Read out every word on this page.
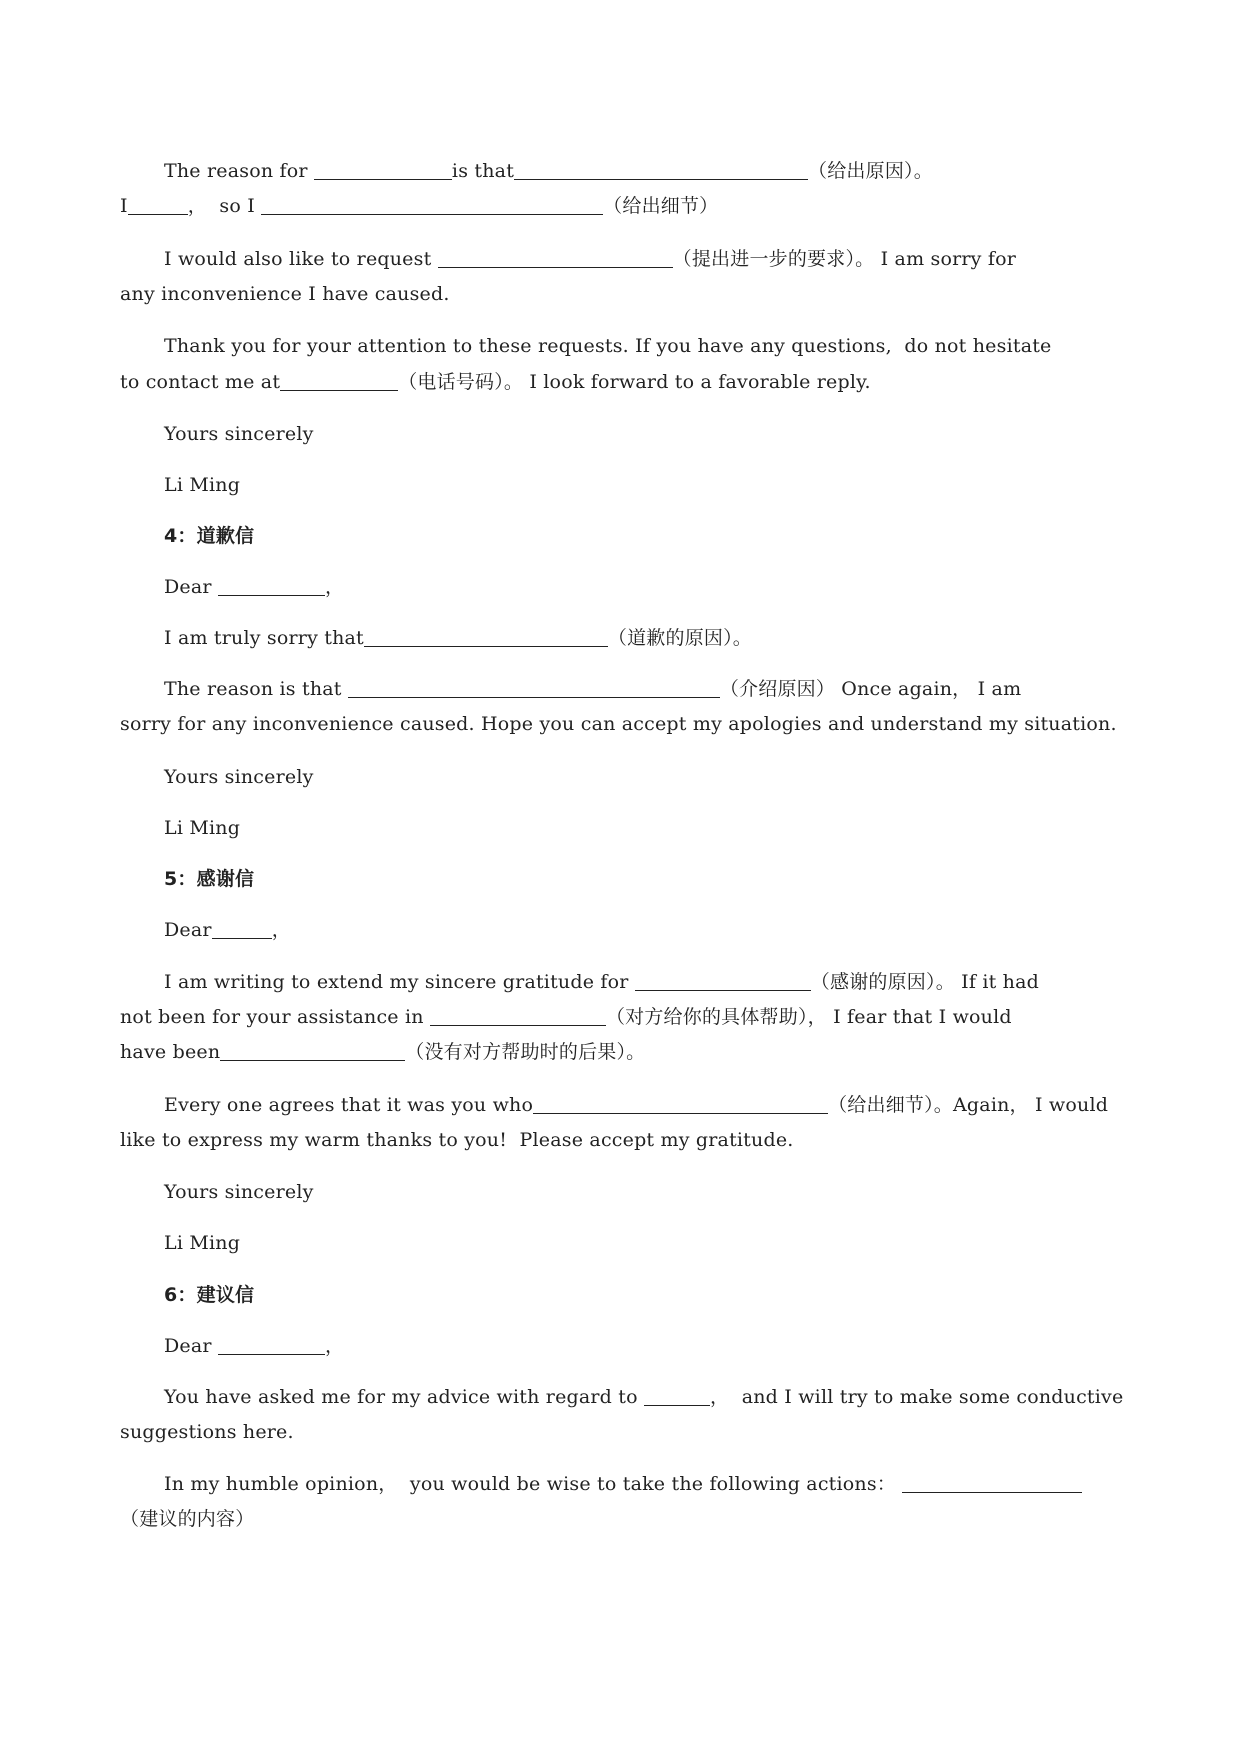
The reason for	is that	（给出原因）。
I	，  so I	（给出细节）
I would also like to request	（提出进一步的要求）。 I am sorry for
any inconvenience I have caused.
Thank you for your attention to these requests. If you have any questions,  do not hesitate
to contact me at	（电话号码）。 I look forward to a favorable reply.
Yours sincerely
Li Ming
4：道歉信
Dear	，
I am truly sorry that	（道歉的原因）。
The reason is that	（介绍原因） Once again， I am
sorry for any inconvenience caused. Hope you can accept my apologies and understand my situation.
Yours sincerely
Li Ming
5：感谢信
Dear	，
I am writing to extend my sincere gratitude for	（感谢的原因）。 If it had
not been for your assistance in	（对方给你的具体帮助）， I fear that I would
have been	（没有对方帮助时的后果）。
Every one agrees that it was you who	（给出细节）。Again， I would
like to express my warm thanks to you!  Please accept my gratitude.
Yours sincerely
Li Ming
6：建议信
Dear	，
You have asked me for my advice with regard to	，  and I will try to make some conductive
suggestions here.
In my humble opinion，  you would be wise to take the following actions：
（建议的内容）
